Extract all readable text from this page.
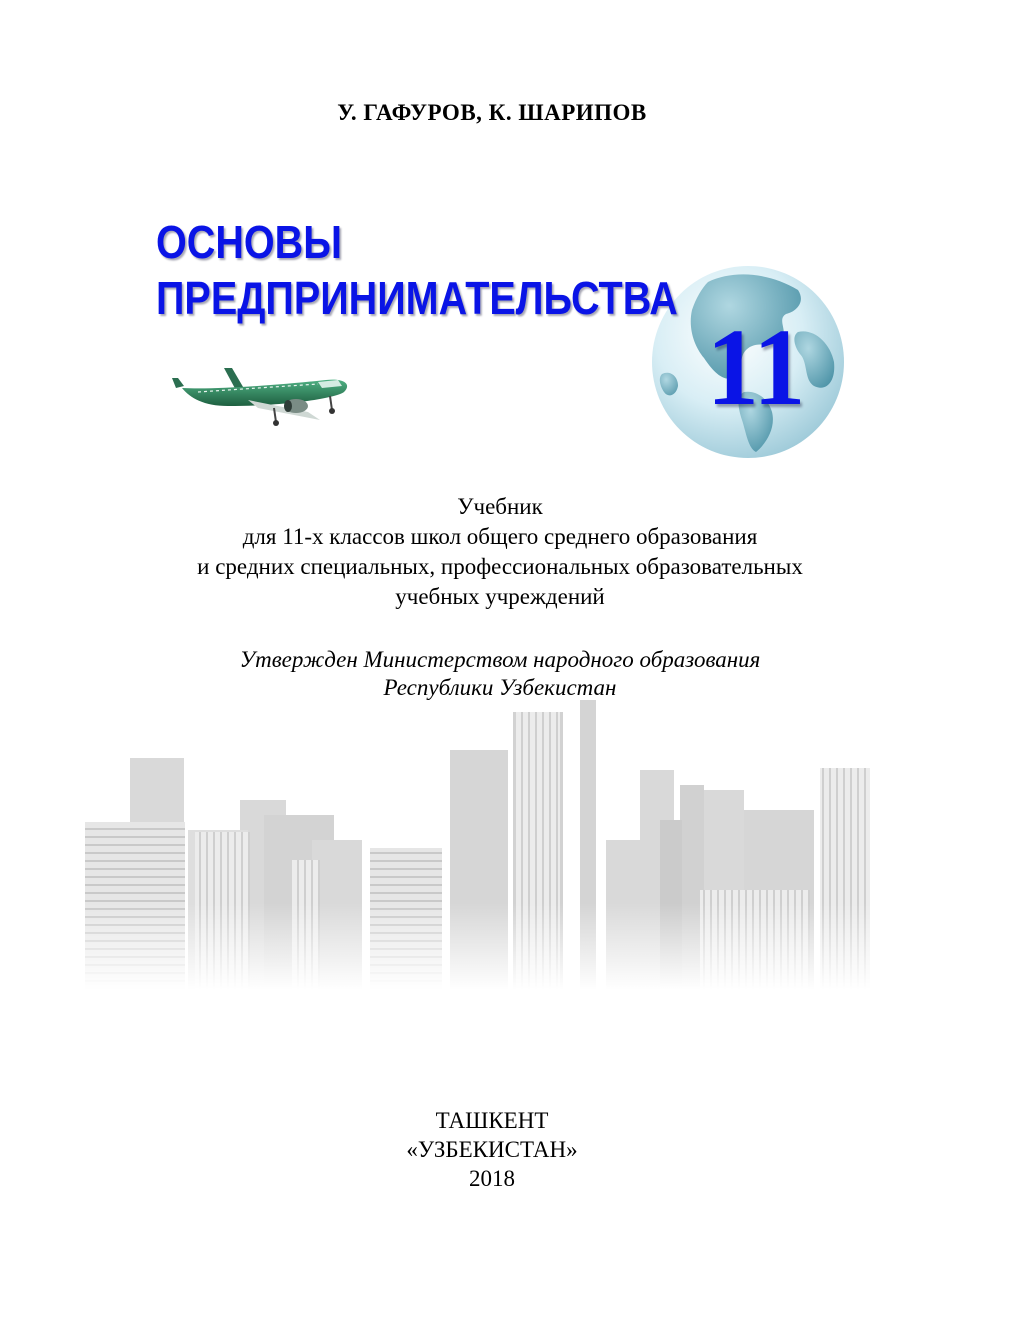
У. ГАФУРОВ, К. ШАРИПОВ
ОСНОВЫ
ПРЕДПРИНИМАТЕЛЬСТВА
11
Учебник
для 11-х классов школ общего среднего образования
и средних специальных, профессиональных образовательных
учебных учреждений
Утвержден Министерством народного образования
Республики Узбекистан
ТАШКЕНТ
«УЗБЕКИСТАН»
2018
